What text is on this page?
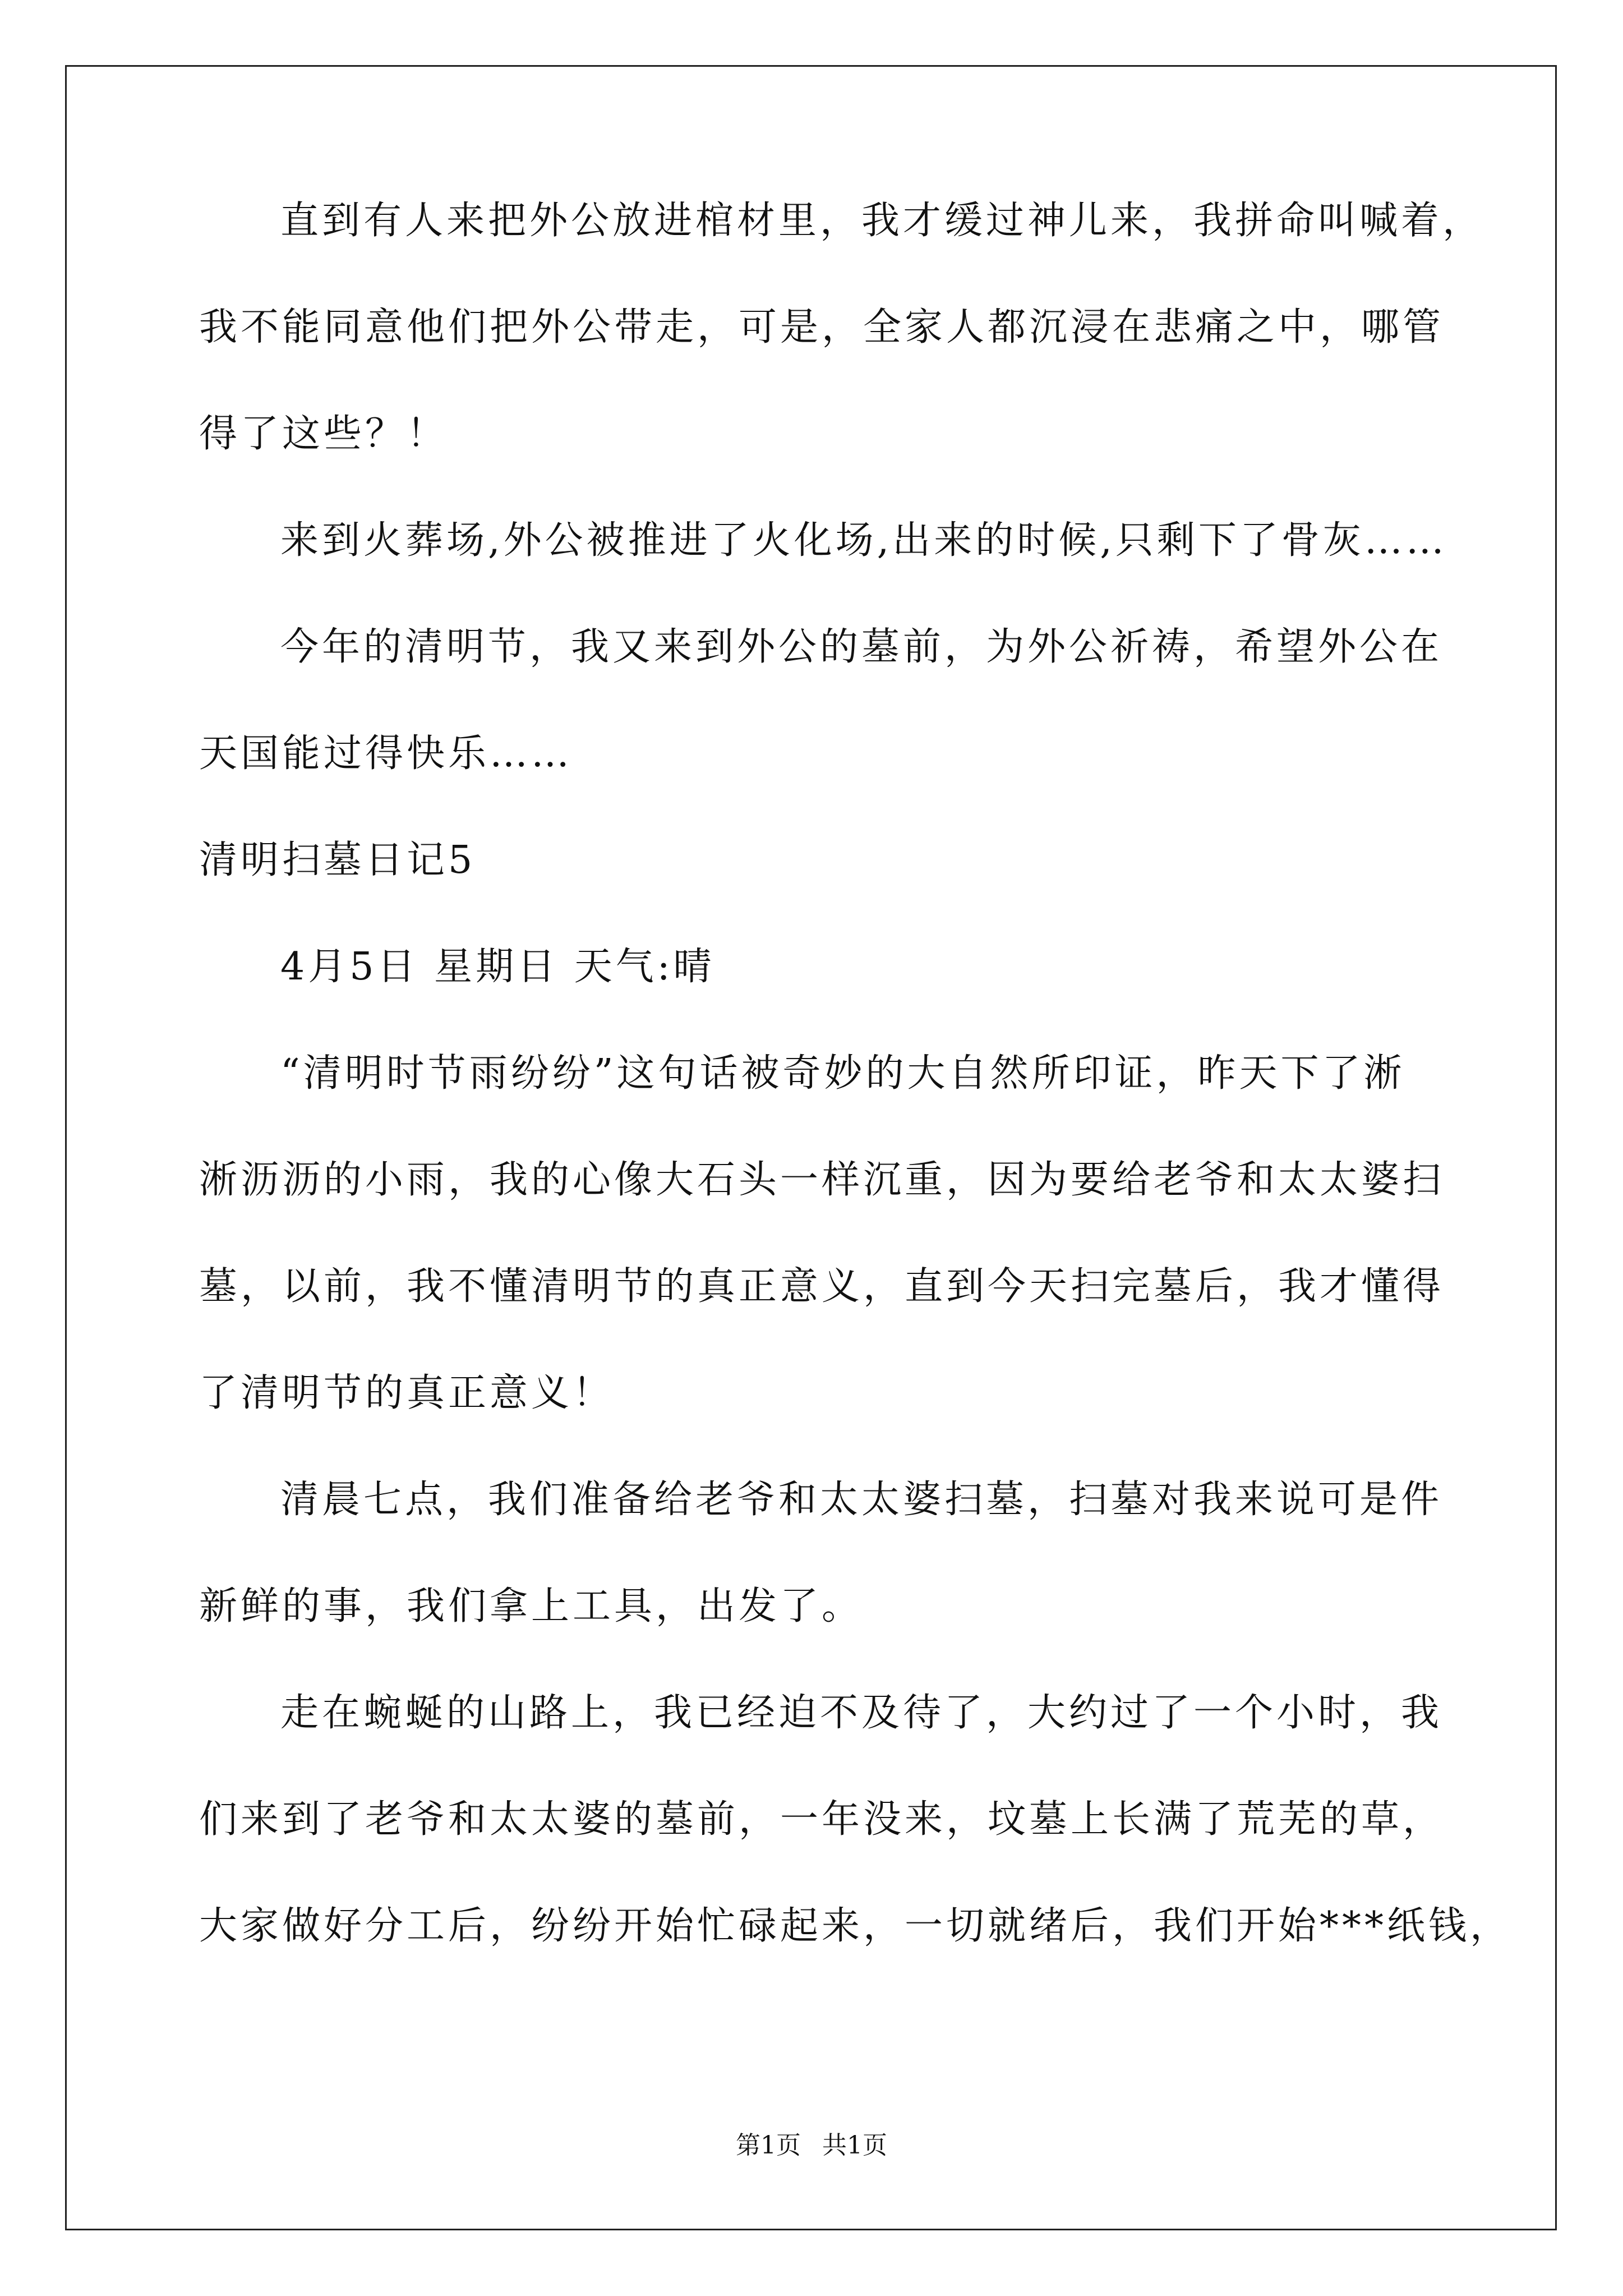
直到有人来把外公放进棺材里，我才缓过神儿来，我拼命叫喊着，
我不能同意他们把外公带走，可是，全家人都沉浸在悲痛之中，哪管
得了这些？！
来到火葬场,外公被推进了火化场,出来的时候,只剩下了骨灰……
今年的清明节，我又来到外公的墓前，为外公祈祷，希望外公在
天国能过得快乐……
清明扫墓日记5
4月5日 星期日 天气:晴
“清明时节雨纷纷”这句话被奇妙的大自然所印证，昨天下了淅
淅沥沥的小雨，我的心像大石头一样沉重，因为要给老爷和太太婆扫
墓，以前，我不懂清明节的真正意义，直到今天扫完墓后，我才懂得
了清明节的真正意义！
清晨七点，我们准备给老爷和太太婆扫墓，扫墓对我来说可是件
新鲜的事，我们拿上工具，出发了。
走在蜿蜒的山路上，我已经迫不及待了，大约过了一个小时，我
们来到了老爷和太太婆的墓前，一年没来，坟墓上长满了荒芜的草，
大家做好分工后，纷纷开始忙碌起来，一切就绪后，我们开始***纸钱，
第1页 共1页
